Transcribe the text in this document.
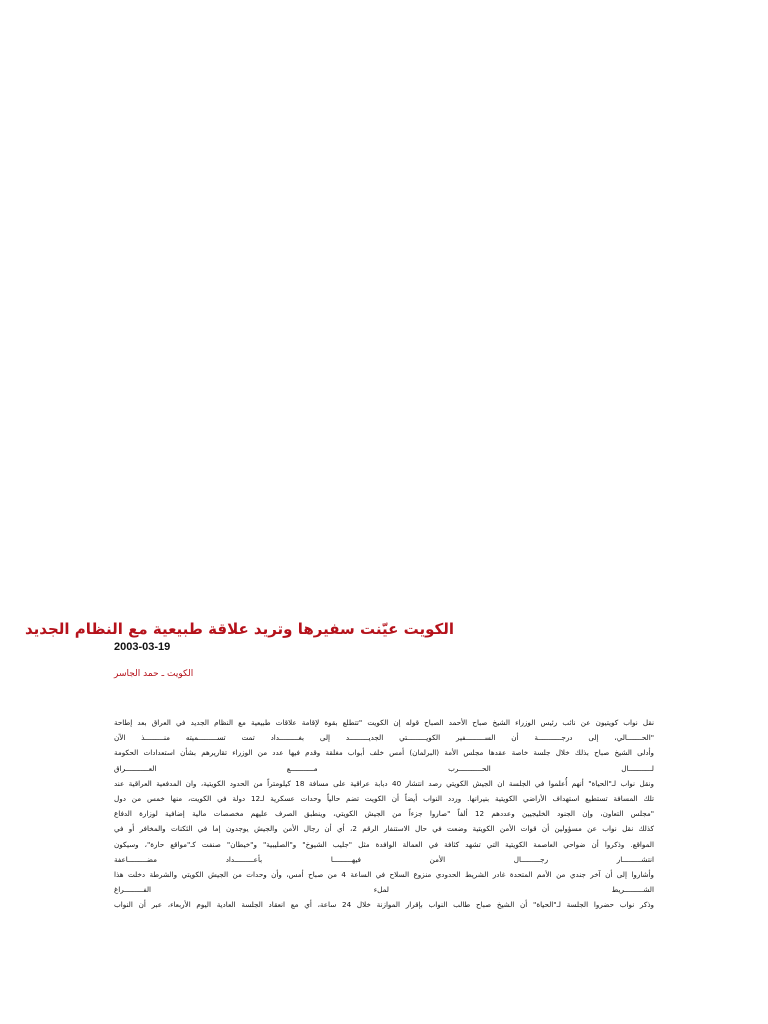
الكويت عيّنت سفيرها وتريد علاقة طبيعية مع النظام الجديد
2003-03-19
الكويت ـ حمد الجاسر
نقل نواب كويتيون عن نائب رئيس الوزراء الشيخ صباح الأحمد الصباح قوله إن الكويت "تتطلع بقوة لإقامة علاقات طبيعية مع النظام الجديد في العراق بعد إطاحة
"الحـــــــالي، إلى درجـــــــــــة أن الســـــــــفير الكويـــــــــتي الجديـــــــــد إلى بغـــــــــداد تمت تســـــــــميته منـــــــــذ الآن
وأدلى الشيخ صباح بذلك خلال جلسة خاصة عقدها مجلس الأمة (البرلمان) أمس خلف أبواب مغلقة وقدم فيها عدد من الوزراء تقاريرهم بشأن استعدادات الحكومة
لـــــــــــال الحـــــــــــرب مـــــــــــع العـــــــــــراق
ونقل نواب لـ"الحياة" أنهم أُعلموا في الجلسة ان الجيش الكويتي رصد انتشار 40 دبابة عراقية على مسافة 18 كيلومتراً من الحدود الكويتية، وان المدفعية العراقية عند
تلك المسافة تستطيع استهداف الأراضي الكويتية بنيرانها. وردد النواب أيضاً أن الكويت تضم حالياً وحدات عسكرية لـ12 دولة في الكويت، منها خمس من دول
"مجلس التعاون، وإن الجنود الخليجيين وعددهم 12 ألفاً "صاروا جزءاً من الجيش الكويتي، وينطبق الصرف عليهم مخصصات مالية إضافية لوزارة الدفاع
كذلك نقل نواب عن مسؤولين أن قوات الأمن الكويتية وضعت في حال الاستنفار الرقم 2، أي أن رجال الأمن والجيش يوجدون إما في الثكنات والمخافر أو في
المواقع. وذكروا أن ضواحي العاصمة الكويتية التي تشهد كثافة في العمالة الوافدة مثل "جليب الشيوخ" و"الصليبية" و"خيطان" صنفت كـ"مواقع حارة"، وسيكون
انتشـــــــــار رجـــــــــال الأمن فيهـــــــــا بأعـــــــــداد مضـــــــــاعفة
وأشاروا إلى أن آخر جندي من الأمم المتحدة غادر الشريط الحدودي منزوع السلاح في الساعة 4 من صباح أمس، وأن وحدات من الجيش الكويتي والشرطة دخلت هذا
الشـــــــــريط لملء الفـــــــــراغ
وذكر نواب حضروا الجلسة لـ"الحياة" أن الشيخ صباح طالب النواب بإقرار الموازنة خلال 24 ساعة، أي مع انعقاد الجلسة العادية اليوم الأربعاء، عبر أن النواب
